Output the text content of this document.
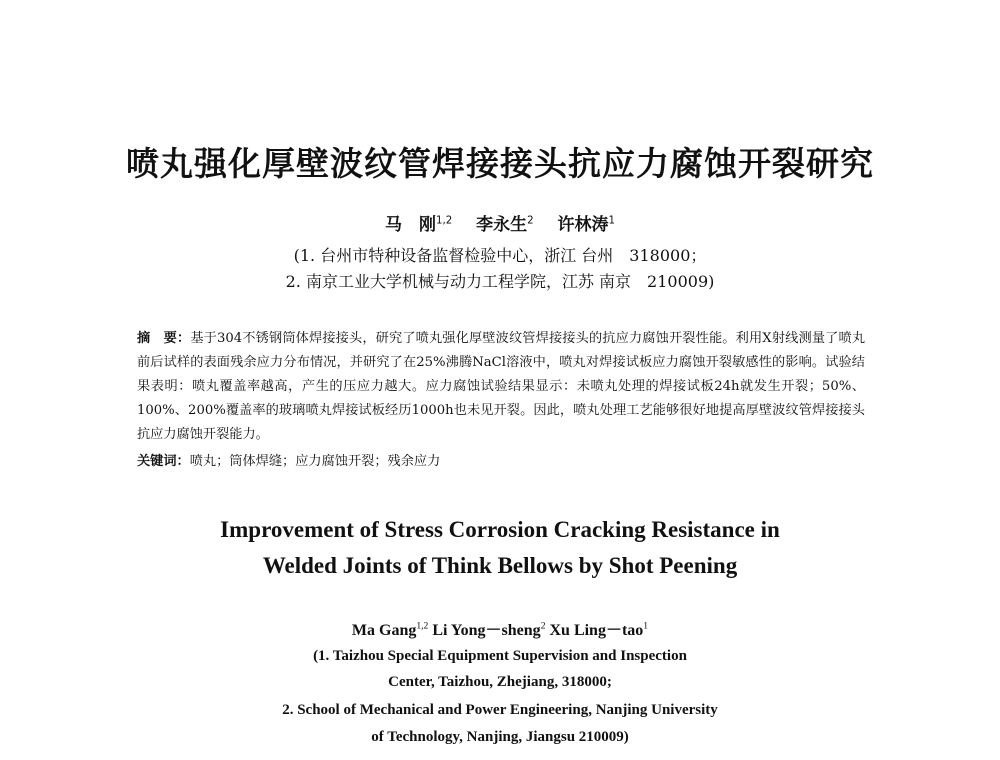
喷丸强化厚壁波纹管焊接接头抗应力腐蚀开裂研究
马　刚$^{1,2}$ 李永生$^2$ 许林涛$^1$
(1. 台州市特种设备监督检验中心，浙江 台州　318000；
2. 南京工业大学机械与动力工程学院，江苏 南京　210009)
摘　要：基于304不锈钢筒体焊接接头，研究了喷丸强化厚壁波纹管焊接接头的抗应力腐蚀开裂性能。利用X射线测量了喷丸前后试样的表面残余应力分布情况，并研究了在25%沸腾NaCl溶液中，喷丸对焊接试板应力腐蚀开裂敏感性的影响。试验结果表明：喷丸覆盖率越高，产生的压应力越大。应力腐蚀试验结果显示：未喷丸处理的焊接试板24h就发生开裂；50%、100%、200%覆盖率的玻璃喷丸焊接试板经历1000h也未见开裂。因此，喷丸处理工艺能够很好地提高厚壁波纹管焊接接头抗应力腐蚀开裂能力。
关键词：喷丸；筒体焊缝；应力腐蚀开裂；残余应力
Improvement of Stress Corrosion Cracking Resistance in
Welded Joints of Think Bellows by Shot Peening
Ma Gang$^{1,2}$ Li Yong－sheng$^2$ Xu Ling－tao$^1$
(1. Taizhou Special Equipment Supervision and Inspection
Center, Taizhou, Zhejiang, 318000;
2. School of Mechanical and Power Engineering, Nanjing University
of Technology, Nanjing, Jiangsu 210009)
